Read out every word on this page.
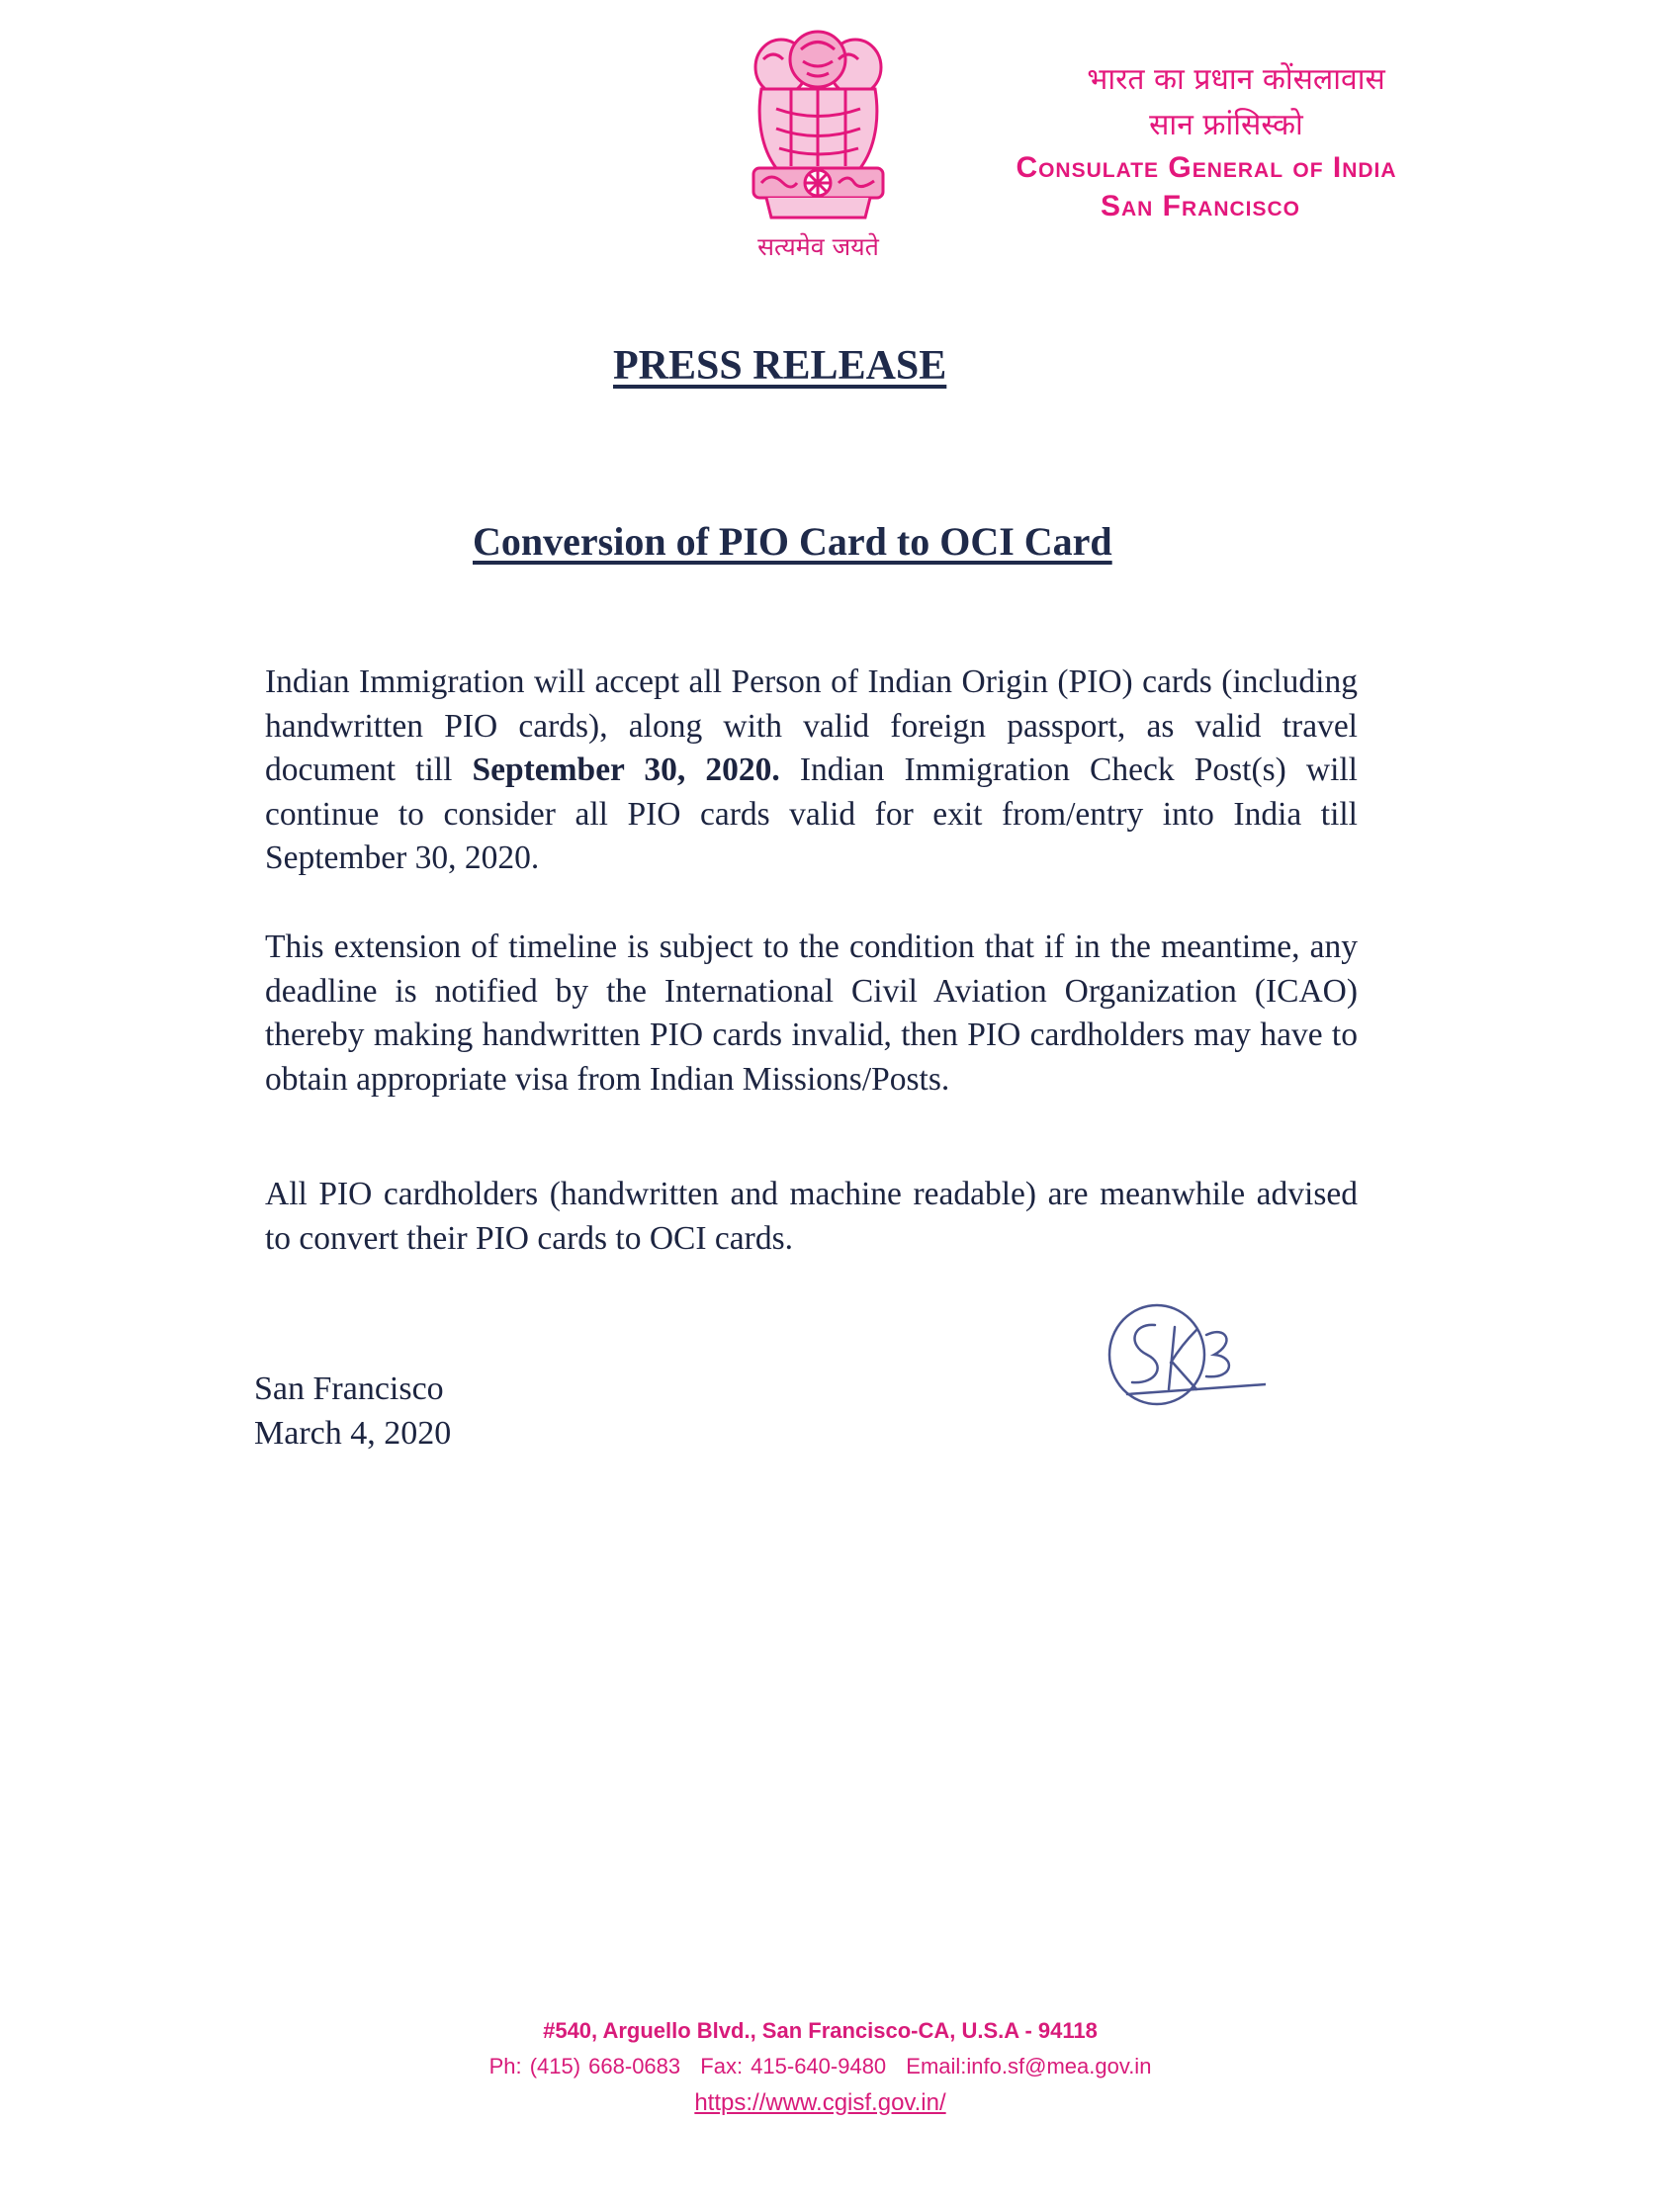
सत्यमेव जयते
भारत का प्रधान कोंसलावास
सान फ्रांसिस्को
Consulate General of India
San Francisco
PRESS RELEASE
Conversion of PIO Card to OCI Card
Indian Immigration will accept all Person of Indian Origin (PIO) cards (including handwritten PIO cards), along with valid foreign passport, as valid travel document till September 30, 2020. Indian Immigration Check Post(s) will continue to consider all PIO cards valid for exit from/entry into India till September 30, 2020.
This extension of timeline is subject to the condition that if in the meantime, any deadline is notified by the International Civil Aviation Organization (ICAO) thereby making handwritten PIO cards invalid, then PIO cardholders may have to obtain appropriate visa from Indian Missions/Posts.
All PIO cardholders (handwritten and machine readable) are meanwhile advised to convert their PIO cards to OCI cards.
San Francisco
March 4, 2020
#540, Arguello Blvd., San Francisco-CA, U.S.A - 94118
Ph: (415) 668-0683 Fax: 415-640-9480 Email:info.sf@mea.gov.in
https://www.cgisf.gov.in/
